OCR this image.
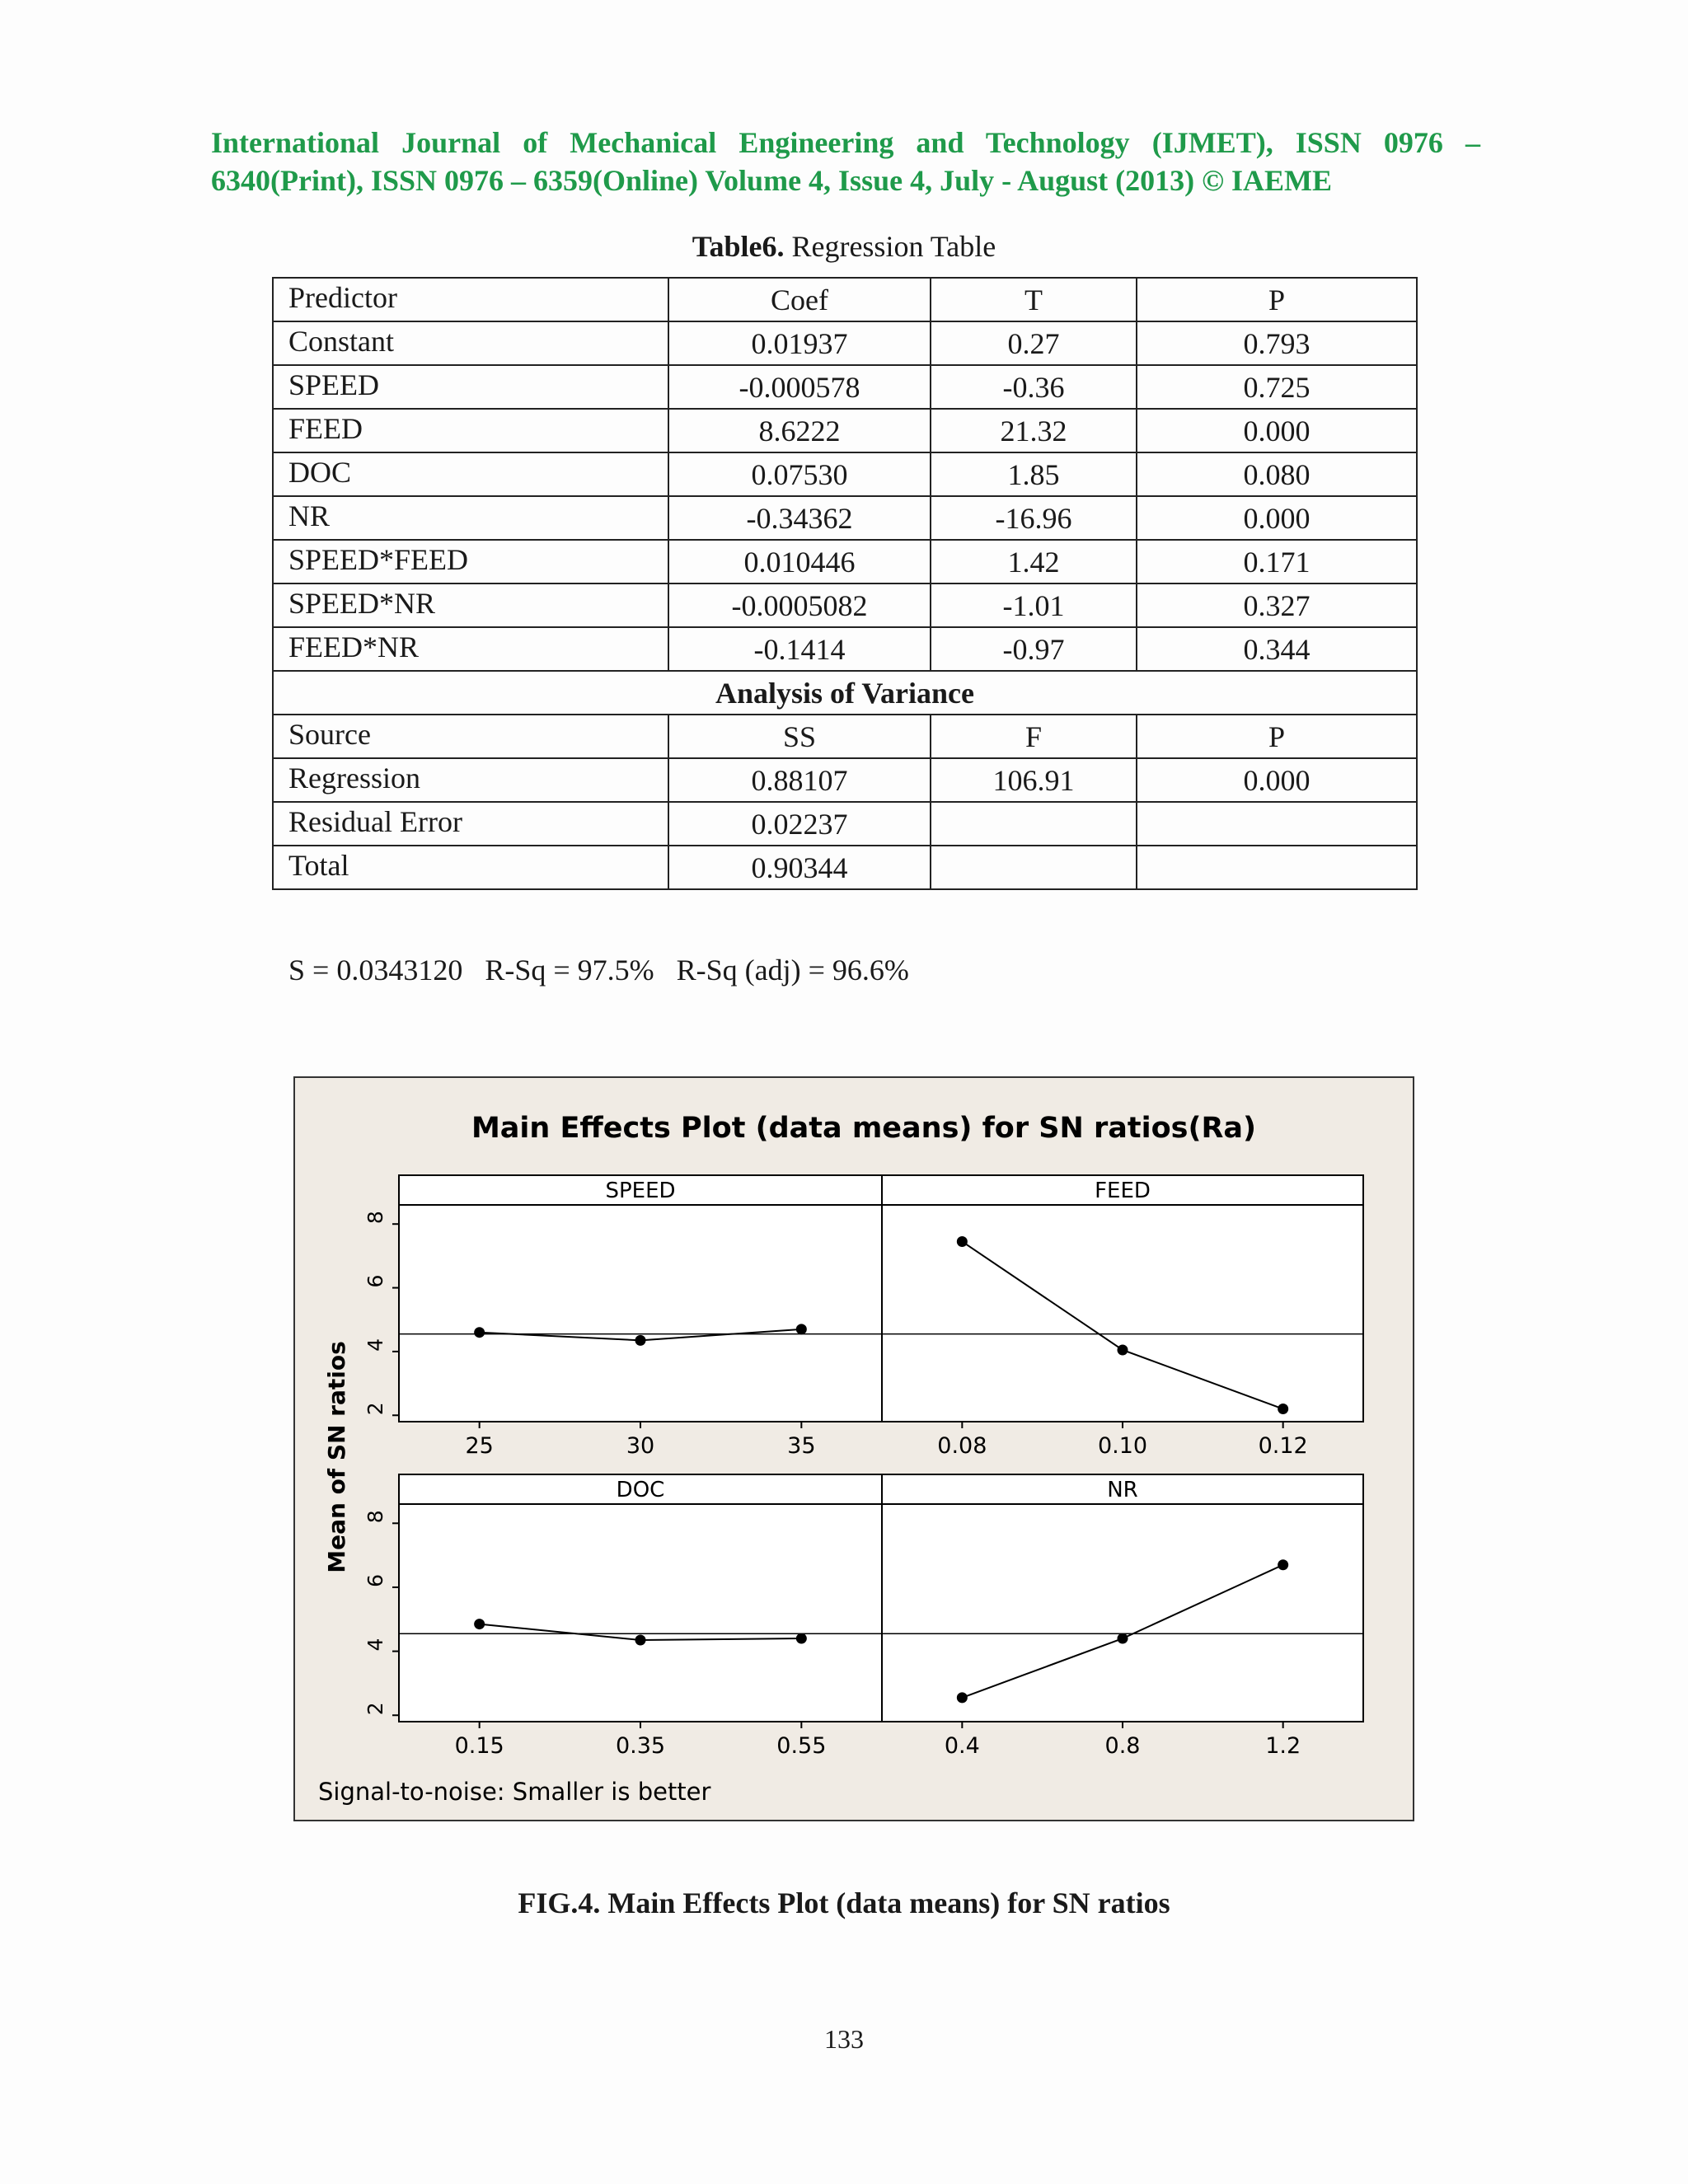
International Journal of Mechanical Engineering and Technology (IJMET), ISSN 0976 –
6340(Print), ISSN 0976 – 6359(Online) Volume 4, Issue 4, July - August (2013) © IAEME
Table6. Regression Table
Predictor	Coef	T	P
Constant	0.01937	0.27	0.793
SPEED	-0.000578	-0.36	0.725
FEED	8.6222	21.32	0.000
DOC	0.07530	1.85	0.080
NR	-0.34362	-16.96	0.000
SPEED*FEED	0.010446	1.42	0.171
SPEED*NR	-0.0005082	-1.01	0.327
FEED*NR	-0.1414	-0.97	0.344
Analysis of Variance			
Source	SS	F	P
Regression	0.88107	106.91	0.000
Residual Error	0.02237		
Total	0.90344		
S = 0.0343120   R-Sq = 97.5%   R-Sq (adj) = 96.6%
Main Effects Plot (data means) for SN ratios(Ra)
Mean of SN ratios
Signal-to-noise: Smaller is better
2
4
6
8
SPEED
25	30	35
FEED
0.08	0.10	0.12
2
4
6
8
DOC
0.15	0.35	0.55
NR
0.4	0.8	1.2
FIG.4. Main Effects Plot (data means) for SN ratios
133
